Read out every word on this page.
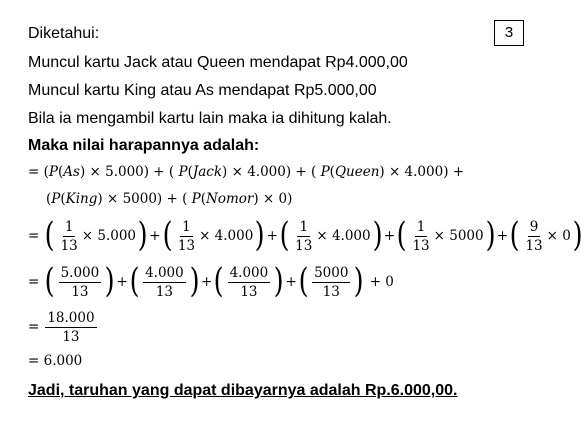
3
Diketahui:
Muncul kartu Jack atau Queen mendapat Rp4.000,00
Muncul kartu King atau As mendapat Rp5.000,00
Bila ia mengambil kartu lain maka ia dihitung kalah.
Maka nilai harapannya adalah:
= (P(As) × 5.000) + ( P(Jack) × 4.000) + ( P(Queen) × 4.000) +
(P(King) × 5000) + ( P(Nomor) × 0)
= ( $\frac{1}{13} \times 5.000$ ) + ( $\frac{1}{13} \times 4.000$ ) + ( $\frac{1}{13} \times 4.000$ ) + ( $\frac{1}{13} \times 5000$ ) + ( $\frac{9}{13} \times 0$ )
= ( $\frac{5.000}{13}$ ) + ( $\frac{4.000}{13}$ ) + ( $\frac{4.000}{13}$ ) + ( $\frac{5000}{13}$ ) + 0
= $\frac{18.000}{13}$
= 6.000
Jadi, taruhan yang dapat dibayarnya adalah Rp.6.000,00.
